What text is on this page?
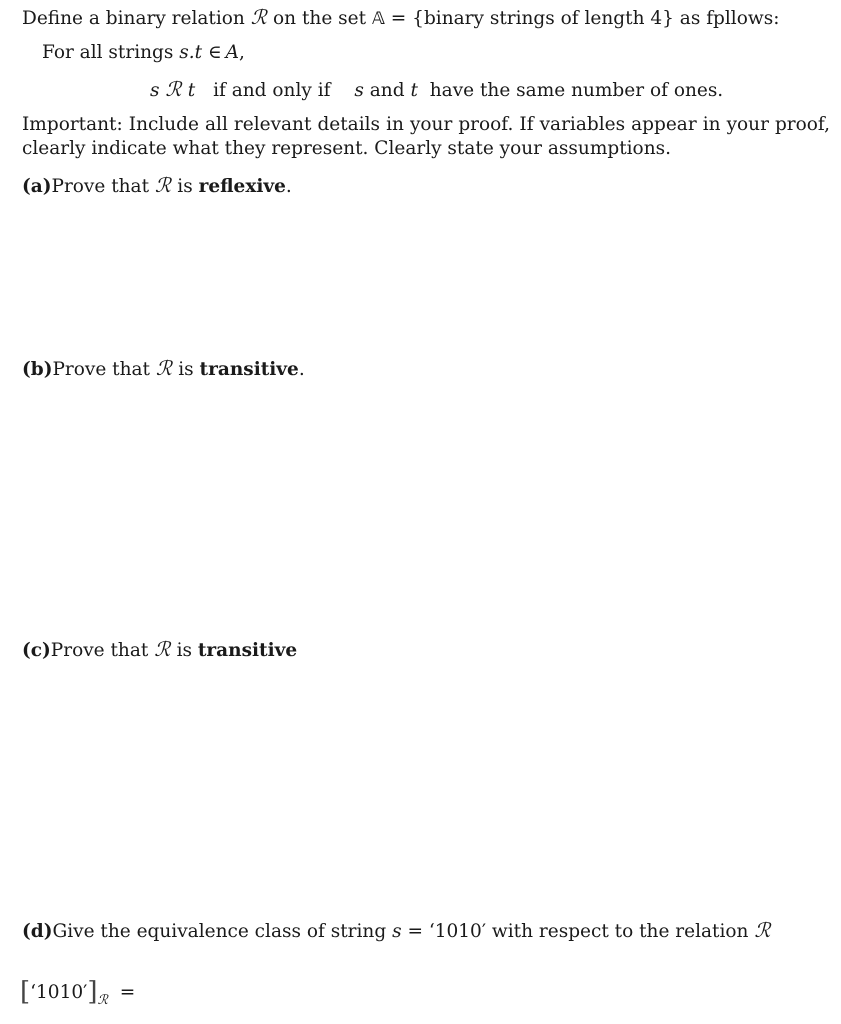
Define a binary relation ℛ on the set 𝔸 = {binary strings of length 4} as fpllows:
For all strings s.t ∈ A,
s ℛ t if and only if s and t have the same number of ones.
Important: Include all relevant details in your proof. If variables appear in your proof, clearly indicate what they represent. Clearly state your assumptions.
(a)Prove that ℛ is reflexive.
(b)Prove that ℛ is transitive.
(c)Prove that ℛ is transitive
(d)Give the equivalence class of string s = ‘1010′ with respect to the relation ℛ
$[‘1010']_ℛ$ =
